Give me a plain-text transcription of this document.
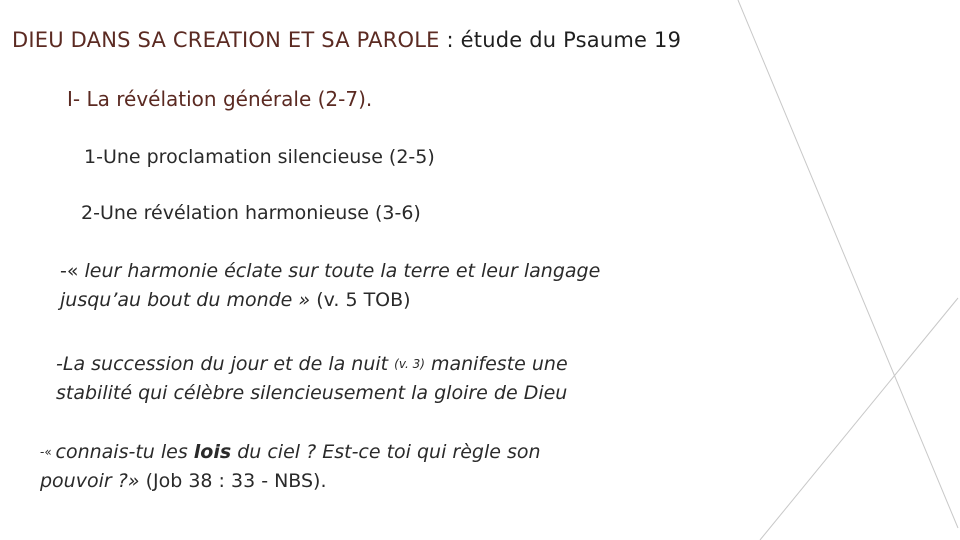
DIEU DANS SA CREATION ET SA PAROLE : étude du Psaume 19
I- La révélation générale (2-7).
1-Une proclamation silencieuse (2-5)
2-Une révélation harmonieuse (3-6)
-« leur harmonie éclate sur toute la terre et leur langage
jusqu’au bout du monde » (v. 5 TOB)
-La succession du jour et de la nuit (v. 3) manifeste une
stabilité qui célèbre silencieusement la gloire de Dieu
-« connais-tu les lois du ciel ? Est-ce toi qui règle son
pouvoir ?» (Job 38 : 33 - NBS).
